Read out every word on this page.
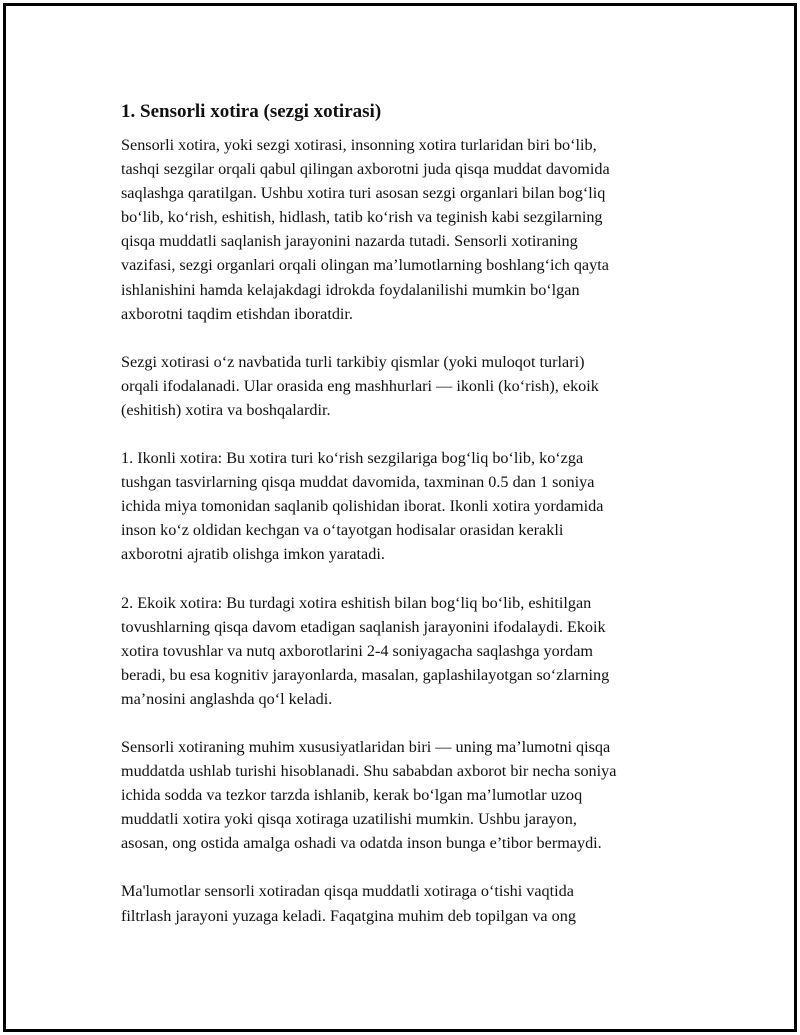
1. Sensorli xotira (sezgi xotirasi)
Sensorli xotira, yoki sezgi xotirasi, insonning xotira turlaridan biri bo‘lib,
tashqi sezgilar orqali qabul qilingan axborotni juda qisqa muddat davomida
saqlashga qaratilgan. Ushbu xotira turi asosan sezgi organlari bilan bog‘liq
bo‘lib, ko‘rish, eshitish, hidlash, tatib ko‘rish va teginish kabi sezgilarning
qisqa muddatli saqlanish jarayonini nazarda tutadi. Sensorli xotiraning
vazifasi, sezgi organlari orqali olingan ma’lumotlarning boshlang‘ich qayta
ishlanishini hamda kelajakdagi idrokda foydalanilishi mumkin bo‘lgan
axborotni taqdim etishdan iboratdir.
Sezgi xotirasi o‘z navbatida turli tarkibiy qismlar (yoki muloqot turlari)
orqali ifodalanadi. Ular orasida eng mashhurlari — ikonli (ko‘rish), ekoik
(eshitish) xotira va boshqalardir.
1. Ikonli xotira: Bu xotira turi ko‘rish sezgilariga bog‘liq bo‘lib, ko‘zga
tushgan tasvirlarning qisqa muddat davomida, taxminan 0.5 dan 1 soniya
ichida miya tomonidan saqlanib qolishidan iborat. Ikonli xotira yordamida
inson ko‘z oldidan kechgan va o‘tayotgan hodisalar orasidan kerakli
axborotni ajratib olishga imkon yaratadi.
2. Ekoik xotira: Bu turdagi xotira eshitish bilan bog‘liq bo‘lib, eshitilgan
tovushlarning qisqa davom etadigan saqlanish jarayonini ifodalaydi. Ekoik
xotira tovushlar va nutq axborotlarini 2-4 soniyagacha saqlashga yordam
beradi, bu esa kognitiv jarayonlarda, masalan, gaplashilayotgan so‘zlarning
ma’nosini anglashda qo‘l keladi.
Sensorli xotiraning muhim xususiyatlaridan biri — uning ma’lumotni qisqa
muddatda ushlab turishi hisoblanadi. Shu sababdan axborot bir necha soniya
ichida sodda va tezkor tarzda ishlanib, kerak bo‘lgan ma’lumotlar uzoq
muddatli xotira yoki qisqa xotiraga uzatilishi mumkin. Ushbu jarayon,
asosan, ong ostida amalga oshadi va odatda inson bunga e’tibor bermaydi.
Ma'lumotlar sensorli xotiradan qisqa muddatli xotiraga o‘tishi vaqtida
filtrlash jarayoni yuzaga keladi. Faqatgina muhim deb topilgan va ong
